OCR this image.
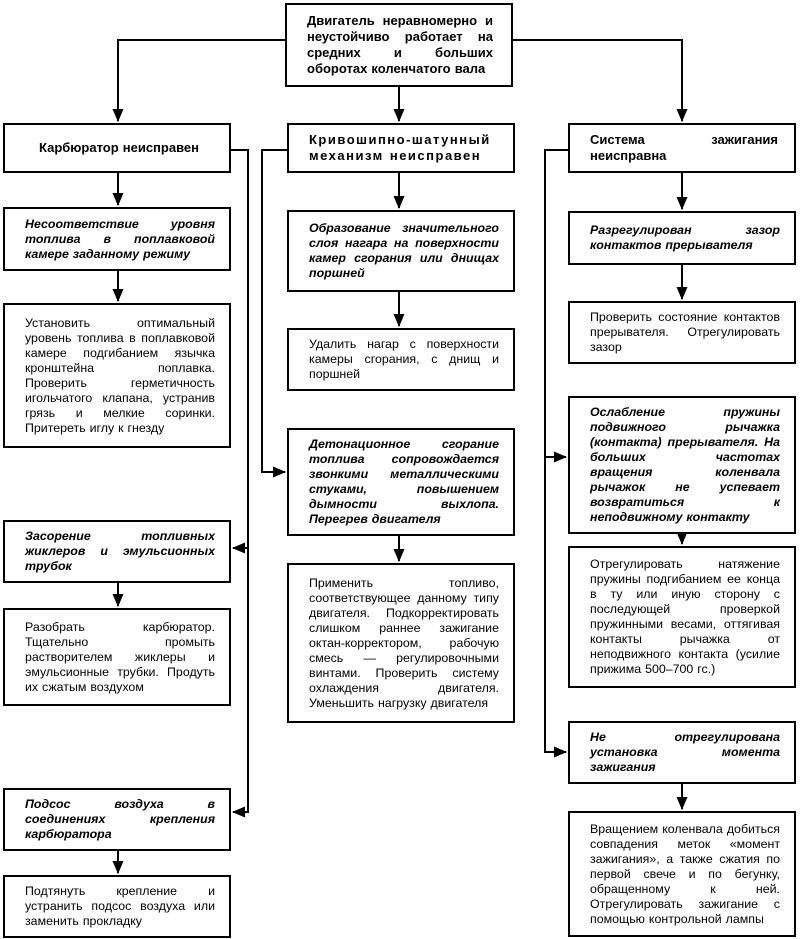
Двигатель неравномерно и неустойчиво работает на средних и больших оборотах коленчатого вала
Карбюратор неисправен
Кривошипно-шатунный механизм неисправен
Система зажигания неисправна
Несоответствие уровня топлива в поплавковой камере заданному режиму
Установить оптимальный уровень топлива в поплавковой камере подгибанием язычка кронштейна поплавка. Проверить герметичность игольчатого клапана, устранив грязь и мелкие соринки. Притереть иглу к гнезду
Засорение топливных жиклеров и эмульсионных трубок
Разобрать карбюратор. Тщательно промыть растворителем жиклеры и эмульсионные трубки. Продуть их сжатым воздухом
Подсос воздуха в соединениях крепления карбюратора
Подтянуть крепление и устранить подсос воздуха или заменить прокладку
Образование значительного слоя нагара на поверхности камер сгорания или днищах поршней
Удалить нагар с поверхности камеры сгорания, с днищ и поршней
Детонационное сгорание топлива сопровождается звонкими металлическими стуками, повышением дымности выхлопа. Перегрев двигателя
Применить топливо, соответствующее данному типу двигателя. Подкорректировать слишком раннее зажигание октан-корректором, рабочую смесь — регулировочными винтами. Проверить систему охлаждения двигателя. Уменьшить нагрузку двигателя
Разрегулирован зазор контактов прерывателя
Проверить состояние контактов прерывателя. Отрегулировать зазор
Ослабление пружины подвижного рычажка (контакта) прерывателя. На больших частотах вращения коленвала рычажок не успевает возвратиться к неподвижному контакту
Отрегулировать натяжение пружины подгибанием ее конца в ту или иную сторону с последующей проверкой пружинными весами, оттягивая контакты рычажка от неподвижного контакта (усилие прижима 500–700 гс.)
Не отрегулирована установка момента зажигания
Вращением коленвала добиться совпадения меток «момент зажигания», а также сжатия по первой свече и по бегунку, обращенному к ней. Отрегулировать зажигание с помощью контрольной лампы
